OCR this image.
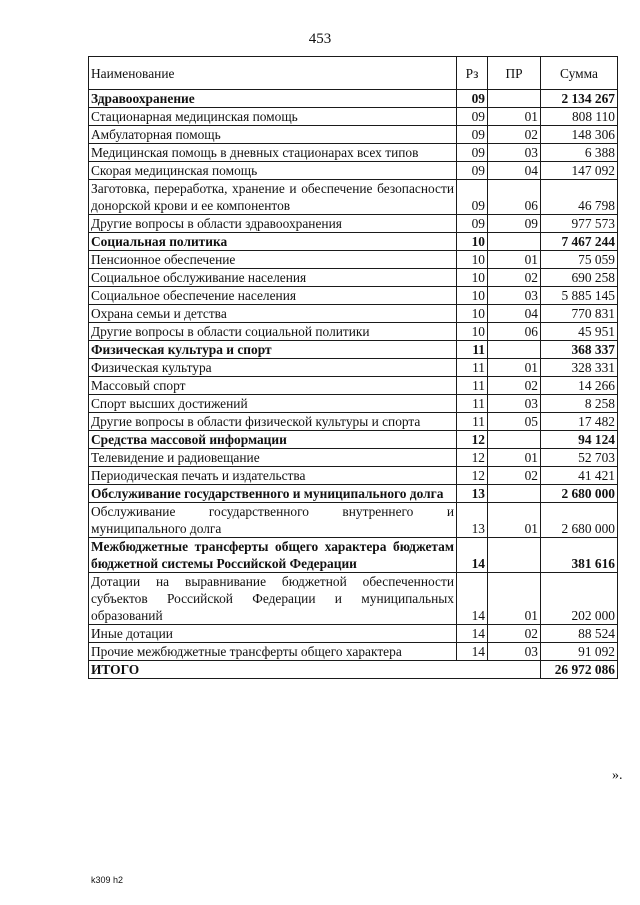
453
Наименование	Рз	ПР	Сумма
Здравоохранение	09		2 134 267
Стационарная медицинская помощь	09	01	808 110
Амбулаторная помощь	09	02	148 306
Медицинская помощь в дневных стационарах всех типов	09	03	6 388
Скорая медицинская помощь	09	04	147 092
Заготовка, переработка, хранение и обеспечение безопасности донорской крови и ее компонентов	09	06	46 798
Другие вопросы в области здравоохранения	09	09	977 573
Социальная политика	10		7 467 244
Пенсионное обеспечение	10	01	75 059
Социальное обслуживание населения	10	02	690 258
Социальное обеспечение населения	10	03	5 885 145
Охрана семьи и детства	10	04	770 831
Другие вопросы в области социальной политики	10	06	45 951
Физическая культура и спорт	11		368 337
Физическая культура	11	01	328 331
Массовый спорт	11	02	14 266
Спорт высших достижений	11	03	8 258
Другие вопросы в области физической культуры и спорта	11	05	17 482
Средства массовой информации	12		94 124
Телевидение и радиовещание	12	01	52 703
Периодическая печать и издательства	12	02	41 421
Обслуживание государственного и муниципального долга	13		2 680 000
Обслуживание государственного внутреннего и муниципального долга	13	01	2 680 000
Межбюджетные трансферты общего характера бюджетам бюджетной системы Российской Федерации	14		381 616
Дотации на выравнивание бюджетной обеспеченности субъектов Российской Федерации и муниципальных образований	14	01	202 000
Иные дотации	14	02	88 524
Прочие межбюджетные трансферты общего характера	14	03	91 092
ИТОГО			26 972 086
».
k309 h2
